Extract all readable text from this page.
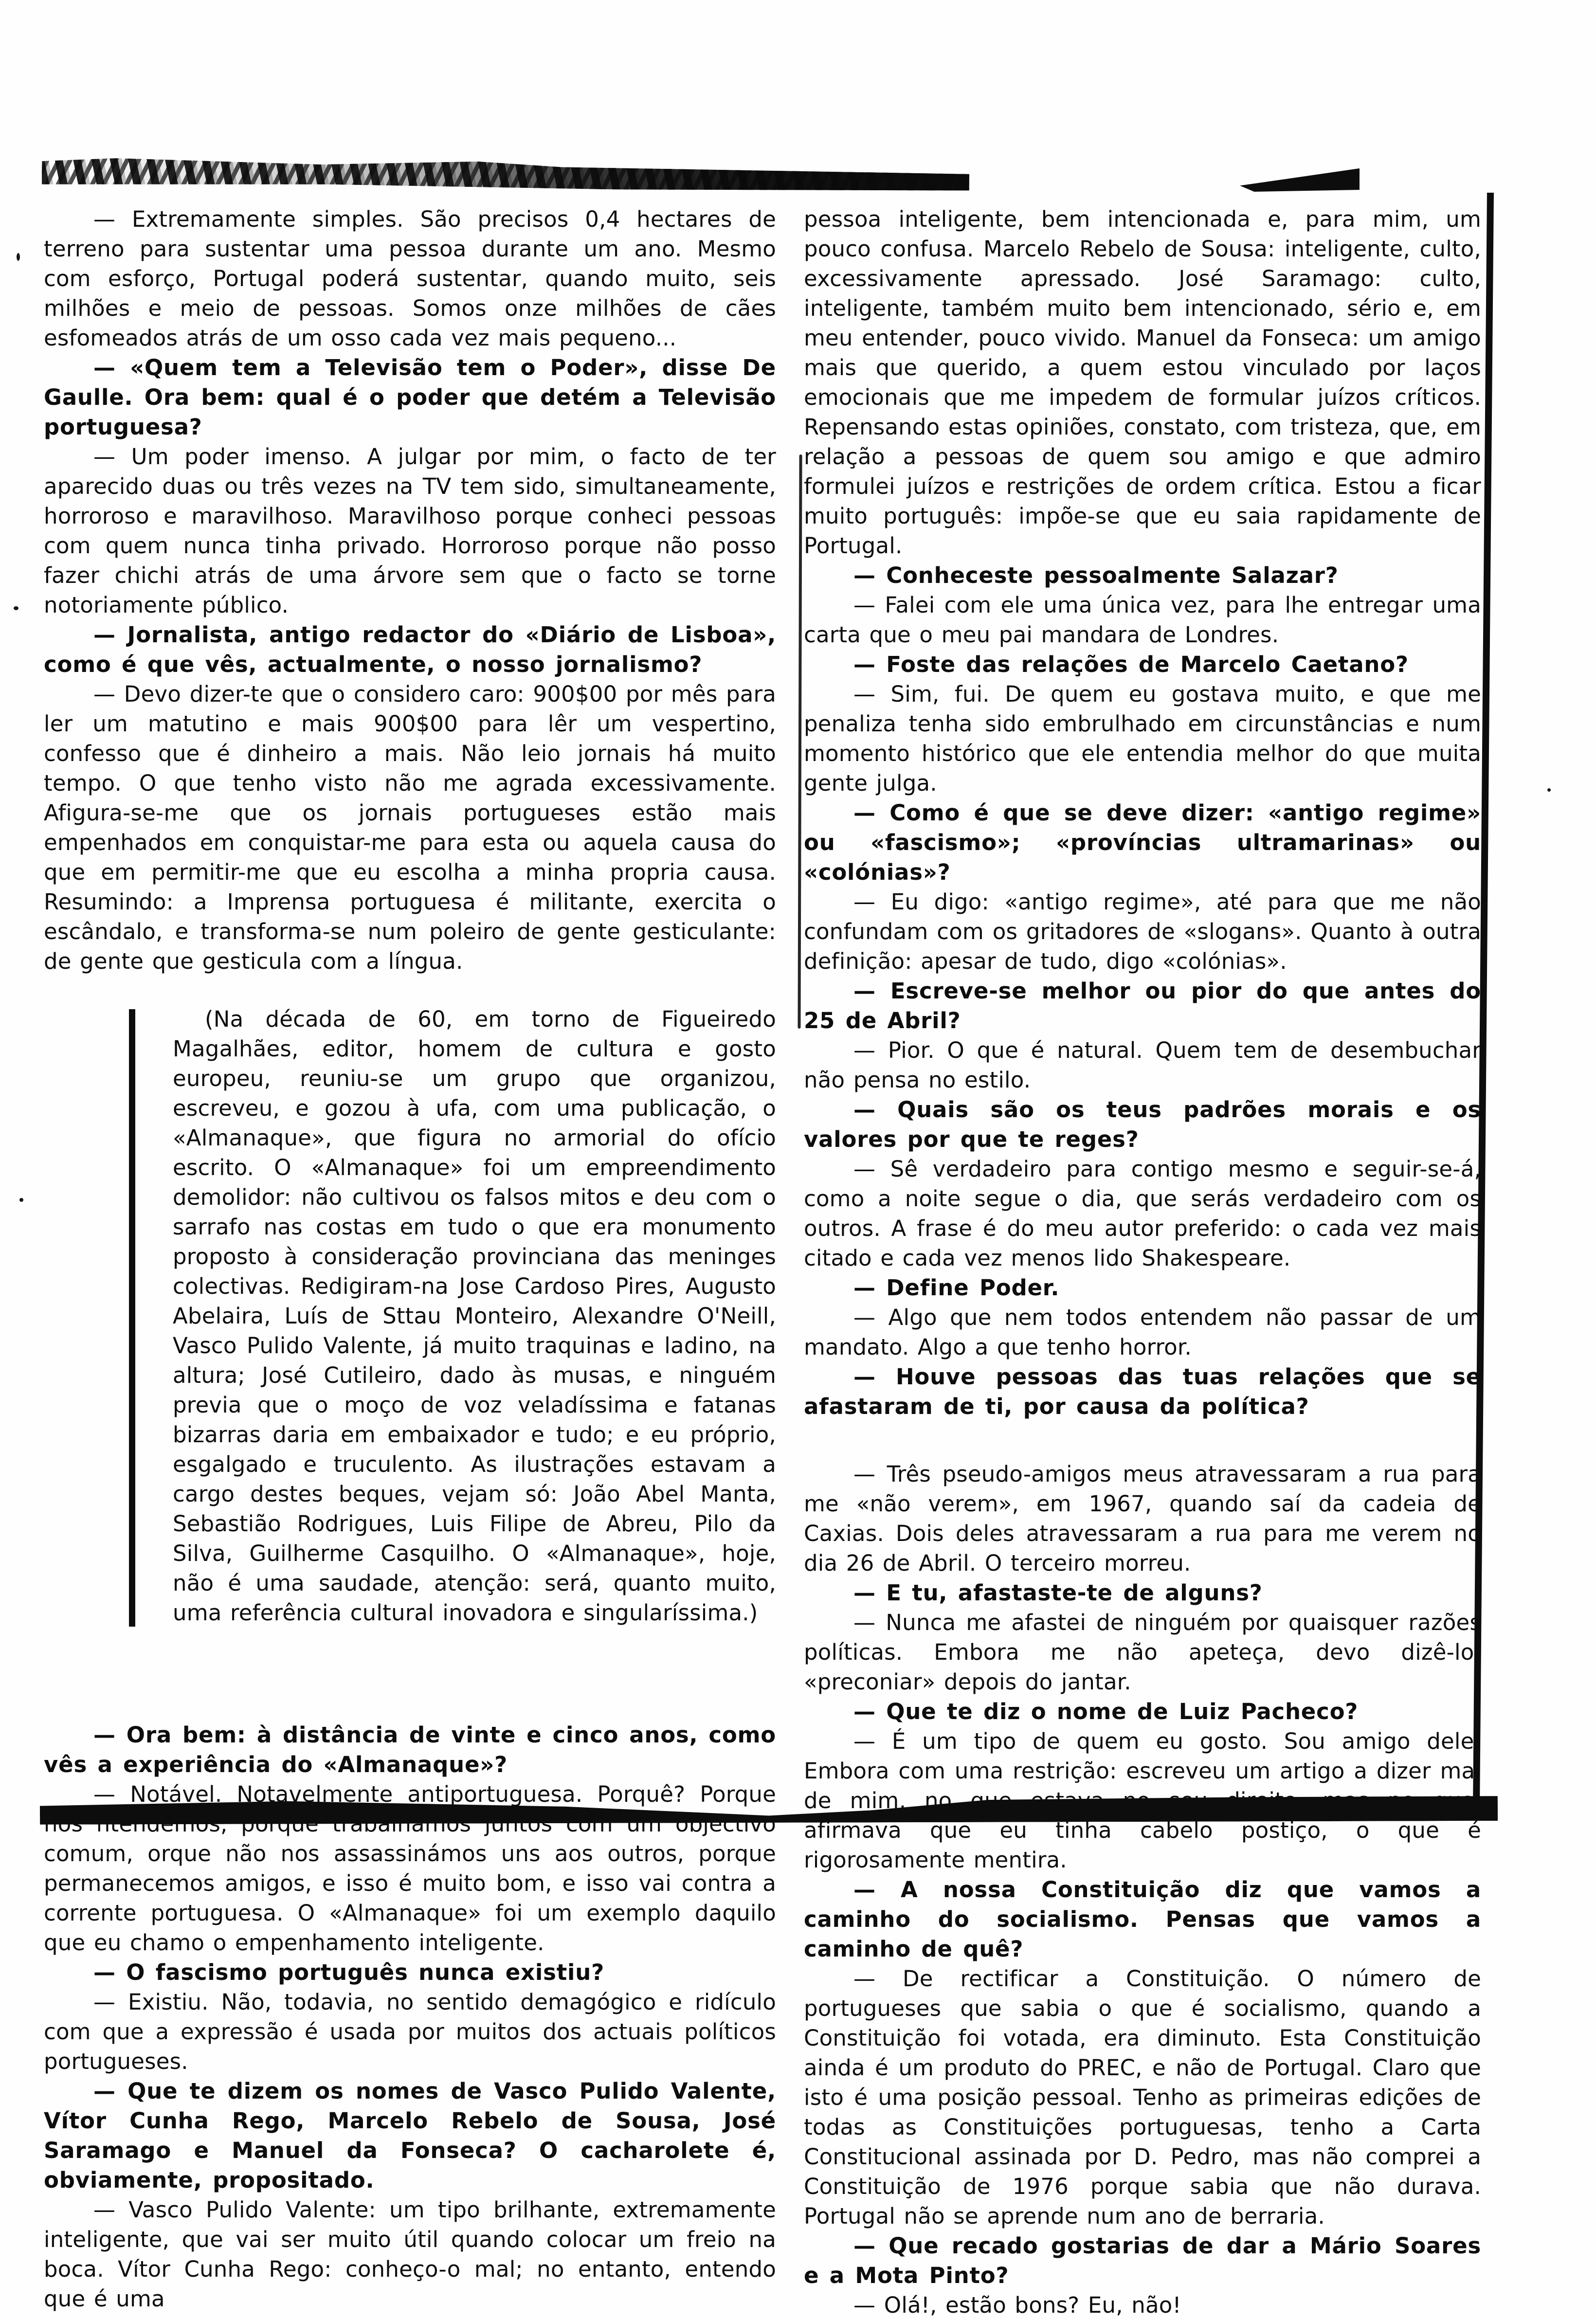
— Extremamente simples. São precisos 0,4 hectares de terreno para sustentar uma pessoa durante um ano. Mesmo com esforço, Portugal poderá sustentar, quando muito, seis milhões e meio de pessoas. Somos onze milhões de cães esfomeados atrás de um osso cada vez mais pequeno...

— «Quem tem a Televisão tem o Poder», disse De Gaulle. Ora bem: qual é o poder que detém a Televisão portuguesa?

— Um poder imenso. A julgar por mim, o facto de ter aparecido duas ou três vezes na TV tem sido, simultaneamente, horroroso e maravilhoso. Maravilhoso porque conheci pessoas com quem nunca tinha privado. Horroroso porque não posso fazer chichi atrás de uma árvore sem que o facto se torne notoriamente público.

— Jornalista, antigo redactor do «Diário de Lisboa», como é que vês, actualmente, o nosso jornalismo?

— Devo dizer-te que o considero caro: 900$00 por mês para ler um matutino e mais 900$00 para lêr um vespertino, confesso que é dinheiro a mais. Não leio jornais há muito tempo. O que tenho visto não me agrada excessivamente. Afigura-se-me que os jornais portugueses estão mais empenhados em conquistar-me para esta ou aquela causa do que em permitir-me que eu escolha a minha propria causa. Resumindo: a Imprensa portuguesa é militante, exercita o escândalo, e transforma-se num poleiro de gente gesticulante: de gente que gesticula com a língua.

(Na década de 60, em torno de Figueiredo Magalhães, editor, homem de cultura e gosto europeu, reuniu-se um grupo que organizou, escreveu, e gozou à ufa, com uma publicação, o «Almanaque», que figura no armorial do ofício escrito. O «Almanaque» foi um empreendimento demolidor: não cultivou os falsos mitos e deu com o sarrafo nas costas em tudo o que era monumento proposto à consideração provinciana das meninges colectivas. Redigiram-na Jose Cardoso Pires, Augusto Abelaira, Luís de Sttau Monteiro, Alexandre O'Neill, Vasco Pulido Valente, já muito traquinas e ladino, na altura; José Cutileiro, dado às musas, e ninguém previa que o moço de voz veladíssima e fatanas bizarras daria em embaixador e tudo; e eu próprio, esgalgado e truculento. As ilustrações estavam a cargo destes beques, vejam só: João Abel Manta, Sebastião Rodrigues, Luis Filipe de Abreu, Pilo da Silva, Guilherme Casquilho. O «Almanaque», hoje, não é uma saudade, atenção: será, quanto muito, uma referência cultural inovadora e singularíssima.)

— Ora bem: à distância de vinte e cinco anos, como vês a experiência do «Almanaque»?

— Notável. Notavelmente antiportuguesa. Porquê? Porque nos ntendemos, porque trabalhamos juntos com um objectivo comum, orque não nos assassinámos uns aos outros, porque permanecemos amigos, e isso é muito bom, e isso vai contra a corrente portuguesa. O «Almanaque» foi um exemplo daquilo que eu chamo o empenhamento inteligente.

— O fascismo português nunca existiu?

— Existiu. Não, todavia, no sentido demagógico e ridículo com que a expressão é usada por muitos dos actuais políticos portugueses.

— Que te dizem os nomes de Vasco Pulido Valente, Vítor Cunha Rego, Marcelo Rebelo de Sousa, José Saramago e Manuel da Fonseca? O cacharolete é, obviamente, propositado.

— Vasco Pulido Valente: um tipo brilhante, extremamente inteligente, que vai ser muito útil quando colocar um freio na boca. Vítor Cunha Rego: conheço-o mal; no entanto, entendo que é uma

pessoa inteligente, bem intencionada e, para mim, um pouco confusa. Marcelo Rebelo de Sousa: inteligente, culto, excessivamente apressado. José Saramago: culto, inteligente, também muito bem intencionado, sério e, em meu entender, pouco vivido. Manuel da Fonseca: um amigo mais que querido, a quem estou vinculado por laços emocionais que me impedem de formular juízos críticos. Repensando estas opiniões, constato, com tristeza, que, em relação a pessoas de quem sou amigo e que admiro formulei juízos e restrições de ordem crítica. Estou a ficar muito português: impõe-se que eu saia rapidamente de Portugal.

— Conheceste pessoalmente Salazar?

— Falei com ele uma única vez, para lhe entregar uma carta que o meu pai mandara de Londres.

— Foste das relações de Marcelo Caetano?

— Sim, fui. De quem eu gostava muito, e que me penaliza tenha sido embrulhado em circunstâncias e num momento histórico que ele entendia melhor do que muita gente julga.

— Como é que se deve dizer: «antigo regime» ou «fascismo»; «províncias ultramarinas» ou «colónias»?

— Eu digo: «antigo regime», até para que me não confundam com os gritadores de «slogans». Quanto à outra definição: apesar de tudo, digo «colónias».

— Escreve-se melhor ou pior do que antes do 25 de Abril?

— Pior. O que é natural. Quem tem de desembuchar não pensa no estilo.

— Quais são os teus padrões morais e os valores por que te reges?

— Sê verdadeiro para contigo mesmo e seguir-se-á, como a noite segue o dia, que serás verdadeiro com os outros. A frase é do meu autor preferido: o cada vez mais citado e cada vez menos lido Shakespeare.

— Define Poder.

— Algo que nem todos entendem não passar de um mandato. Algo a que tenho horror.

— Houve pessoas das tuas relações que se afastaram de ti, por causa da política?

— Três pseudo-amigos meus atravessaram a rua para me «não verem», em 1967, quando saí da cadeia de Caxias. Dois deles atravessaram a rua para me verem no dia 26 de Abril. O terceiro morreu.

— E tu, afastaste-te de alguns?

— Nunca me afastei de ninguém por quaisquer razões políticas. Embora me não apeteça, devo dizê-lo, «preconiar» depois do jantar.

— Que te diz o nome de Luiz Pacheco?

— É um tipo de quem eu gosto. Sou amigo dele. Embora com uma restrição: escreveu um artigo a dizer mal de mim, no que estava no seu direito, mas no qual afirmava que eu tinha cabelo postiço, o que é rigorosamente mentira.

— A nossa Constituição diz que vamos a caminho do socialismo. Pensas que vamos a caminho de quê?

— De rectificar a Constituição. O número de portugueses que sabia o que é socialismo, quando a Constituição foi votada, era diminuto. Esta Constituição ainda é um produto do PREC, e não de Portugal. Claro que isto é uma posição pessoal. Tenho as primeiras edições de todas as Constituições portuguesas, tenho a Carta Constitucional assinada por D. Pedro, mas não comprei a Constituição de 1976 porque sabia que não durava. Portugal não se aprende num ano de berraria.

— Que recado gostarias de dar a Mário Soares e a Mota Pinto?

— Olá!, estão bons? Eu, não!
